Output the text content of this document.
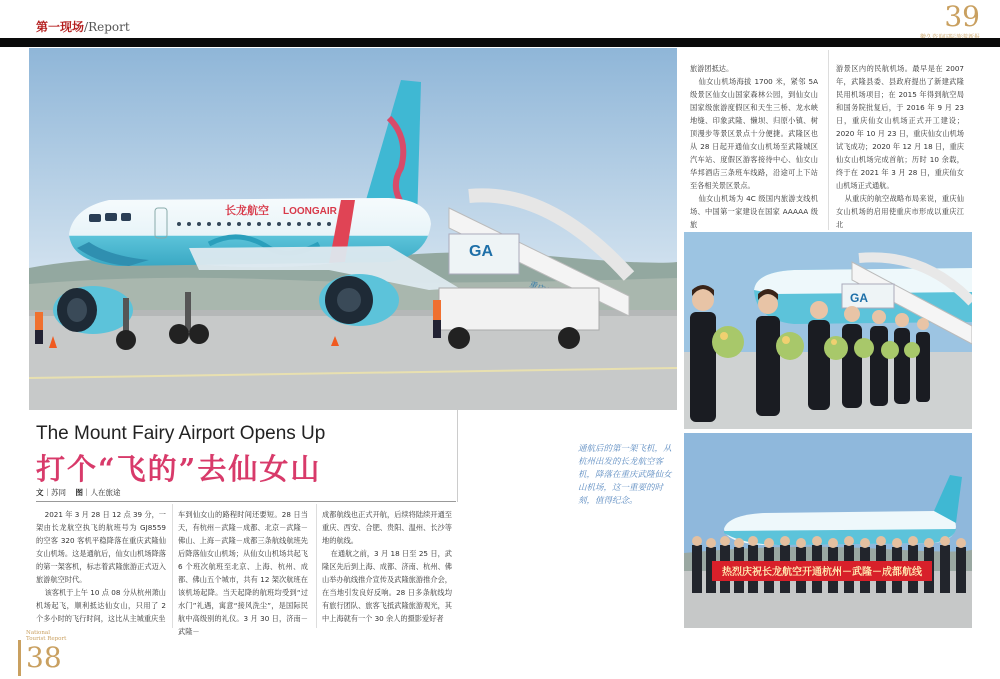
第一现场/Report	39
长龙航空 LOONGAIR
GA

旅游团抵达。

仙女山机场海拔 1700 米，紧邻 5A 级景区仙女山国家森林公园，到仙女山国家级旅游度假区和天生三桥、龙水峡地缝、印象武隆、懒坝、归原小镇、树顶漫步等景区景点十分便捷。武隆区也从 28 日起开通仙女山机场至武隆城区汽车站、度假区游客接待中心、仙女山华邦酒店三条班车线路，沿途可上下站至各相关景区景点。

仙女山机场为 4C 级国内旅游支线机场、中国第一家建设在国家 AAAAA 级旅

游景区内的民航机场。最早是在 2007 年，武隆县委、县政府提出了新建武隆民用机场项目；在 2015 年得到航空局和国务院批复后，于 2016 年 9 月 23 日，重庆仙女山机场正式开工建设；2020 年 10 月 23 日，重庆仙女山机场试飞成功；2020 年 12 月 18 日，重庆仙女山机场完成首航；历时 10 余载，终于在 2021 年 3 月 28 日，重庆仙女山机场正式通航。

从重庆的航空战略布局来说，重庆仙女山机场的启用使重庆市形成以重庆江北

GA
热烈庆祝长龙航空开通杭州－武隆－成都航线
The Mount Fairy Airport Opens Up
打个“飞的”去仙女山
文｜苏同 图｜人在旅途
通航后的第一架飞机，从杭州出发的长龙航空客机，降落在重庆武隆仙女山机场，这一重要的时刻，值得纪念。

2021 年 3 月 28 日 12 点 39 分，一架由长龙航空执飞的航班号为 GJ8559 的空客 320 客机平稳降落在重庆武隆仙女山机场。这是通航后，仙女山机场降落的第一架客机，标志着武隆旅游正式迈入旅游航空时代。

该客机于上午 10 点 08 分从杭州萧山机场起飞，顺利抵达仙女山，只用了 2 个多小时的飞行时间，这比从主城重庆坐

车到仙女山的路程时间还要短。28 日当天，有杭州－武隆－成都、北京－武隆－佛山、上海－武隆－成都三条航线航班先后降落仙女山机场；从仙女山机场共起飞 6 个班次航班至北京、上海、杭州、成都、佛山五个城市，共有 12 架次航班在该机场起降。当天起降的航班均受到“过水门”礼遇，寓意“接风洗尘”，是国际民航中高级别的礼仪。3 月 30 日，济南－武隆－

成都航线也正式开航，后续将陆续开通至重庆、西安、合肥、贵阳、温州、长沙等地的航线。

在通航之前，3 月 18 日至 25 日，武隆区先后到上海、成都、济南、杭州、佛山举办航线推介宣传及武隆旅游推介会，在当地引发良好反响。28 日多条航线均有旅行团队、旅客飞抵武隆旅游观光，其中上海就有一个 30 余人的摄影爱好者

National
Tourist Report
38
